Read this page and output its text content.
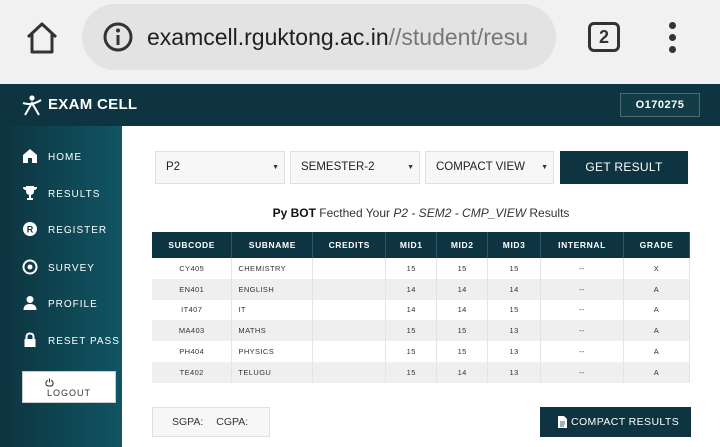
examcell.rguktong.ac.in//student/resu	2
EXAM CELL	O170275
HOME
RESULTS
R REGISTER
SURVEY
PROFILE
RESET PASS
LOGOUT
P2	▼	SEMESTER-2	▼	COMPACT VIEW ▼	GET RESULT
Py BOT Fecthed Your P2 - SEM2 - CMP_VIEW Results
SUBCODE	SUBNAME	CREDITS	MID1	MID2	MID3	INTERNAL	GRADE
CY405	CHEMISTRY		15	15	15	--	X
EN401	ENGLISH		14	14	14	--	A
IT407	IT		14	14	15	--	A
MA403	MATHS		15	15	13	--	A
PH404	PHYSICS		15	15	13	--	A
TE402	TELUGU		15	14	13	--	A
SGPA: CGPA:	COMPACT RESULTS
